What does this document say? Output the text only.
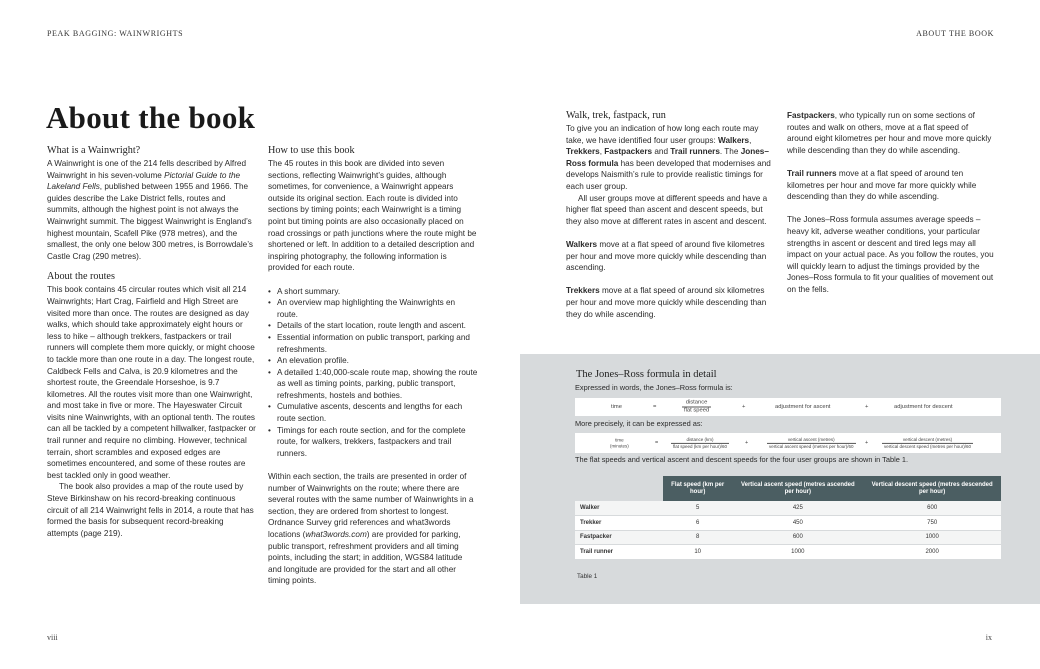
PEAK BAGGING: WAINWRIGHTS	ABOUT THE BOOK
About the book
What is a Wainwright?

A Wainwright is one of the 214 fells described by Alfred Wainwright in his seven-volume Pictorial Guide to the Lakeland Fells, published between 1955 and 1966. The guides describe the Lake District fells, routes and summits, although the highest point is not always the Wainwright summit. The biggest Wainwright is England’s highest mountain, Scafell Pike (978 metres), and the smallest, the only one below 300 metres, is Borrowdale’s Castle Crag (290 metres).

About the routes

This book contains 45 circular routes which visit all 214 Wainwrights; Hart Crag, Fairfield and High Street are visited more than once. The routes are designed as day walks, which should take approximately eight hours or less to hike – although trekkers, fastpackers or trail runners will complete them more quickly, or might choose to tackle more than one route in a day. The longest route, Caldbeck Fells and Calva, is 20.9 kilometres and the shortest route, the Greendale Horseshoe, is 9.7 kilometres. All the routes visit more than one Wainwright, and most take in five or more. The Hayeswater Circuit visits nine Wainwrights, with an optional tenth. The routes can all be tackled by a competent hillwalker, fastpacker or trail runner and require no climbing. However, technical terrain, short scrambles and exposed edges are sometimes encountered, and some of these routes are best tackled only in good weather.

The book also provides a map of the route used by Steve Birkinshaw on his record-breaking continuous circuit of all 214 Wainwright fells in 2014, a route that has formed the basis for subsequent record-breaking attempts (page 219).

How to use this book

The 45 routes in this book are divided into seven sections, reflecting Wainwright’s guides, although sometimes, for convenience, a Wainwright appears outside its original section. Each route is divided into sections by timing points; each Wainwright is a timing point but timing points are also occasionally placed on road crossings or path junctions where the route might be shortened or left. In addition to a detailed description and inspiring photography, the following information is provided for each route.

• A short summary.
• An overview map highlighting the Wainwrights en route.
• Details of the start location, route length and ascent.
• Essential information on public transport, parking and refreshments.
• An elevation profile.
• A detailed 1:40,000-scale route map, showing the route as well as timing points, parking, public transport, refreshments, hostels and bothies.
• Cumulative ascents, descents and lengths for each route section.
• Timings for each route section, and for the complete route, for walkers, trekkers, fastpackers and trail runners.

Within each section, the trails are presented in order of number of Wainwrights on the route; where there are several routes with the same number of Wainwrights in a section, they are ordered from shortest to longest. Ordnance Survey grid references and what3words locations (what3words.com) are provided for parking, public transport, refreshment providers and all timing points, including the start; in addition, WGS84 latitude and longitude are provided for the start and all other timing points.

Walk, trek, fastpack, run

To give you an indication of how long each route may take, we have identified four user groups: Walkers, Trekkers, Fastpackers and Trail runners. The Jones–Ross formula has been developed that modernises and develops Naismith’s rule to provide realistic timings for each user group.

All user groups move at different speeds and have a higher flat speed than ascent and descent speeds, but they also move at different rates in ascent and descent.

Walkers move at a flat speed of around five kilometres per hour and move more quickly while descending than ascending.

Trekkers move at a flat speed of around six kilometres per hour and move more quickly while descending than they do while ascending.

Fastpackers, who typically run on some sections of routes and walk on others, move at a flat speed of around eight kilometres per hour and move more quickly while descending than they do while ascending.

Trail runners move at a flat speed of around ten kilometres per hour and move far more quickly while descending than they do while ascending.

The Jones–Ross formula assumes average speeds – heavy kit, adverse weather conditions, your particular strengths in ascent or descent and tired legs may all impact on your actual pace. As you follow the routes, you will quickly learn to adjust the timings provided by the Jones–Ross formula to fit your qualities of movement out on the fells.

The Jones–Ross formula in detail
Expressed in words, the Jones–Ross formula is:
time	=	$\frac{\text{distance}}{\text{flat speed}}$	+	adjustment for ascent	+	adjustment for descent
More precisely, it can be expressed as:
time
(minutes)	=	$\frac{\text{distance (km)}}{\text{flat speed (km per hour)/60}}$	+	$\frac{\text{vertical ascent (metres)}}{\text{vertical ascent speed (metres per hour)/60}}$ +	$\frac{\text{vertical descent (metres)}}{\text{vertical descent speed (metres per hour)/60}}$
The flat speeds and vertical ascent and descent speeds for the four user groups are shown in Table 1.
	Flat speed (km per hour)	Vertical ascent speed (metres ascended per hour)	Vertical descent speed (metres descended per hour)
Walker	5	425	600
Trekker	6	450	750
Fastpacker	8	600	1000
Trail runner	10	1000	2000
Table 1
viii	ix
